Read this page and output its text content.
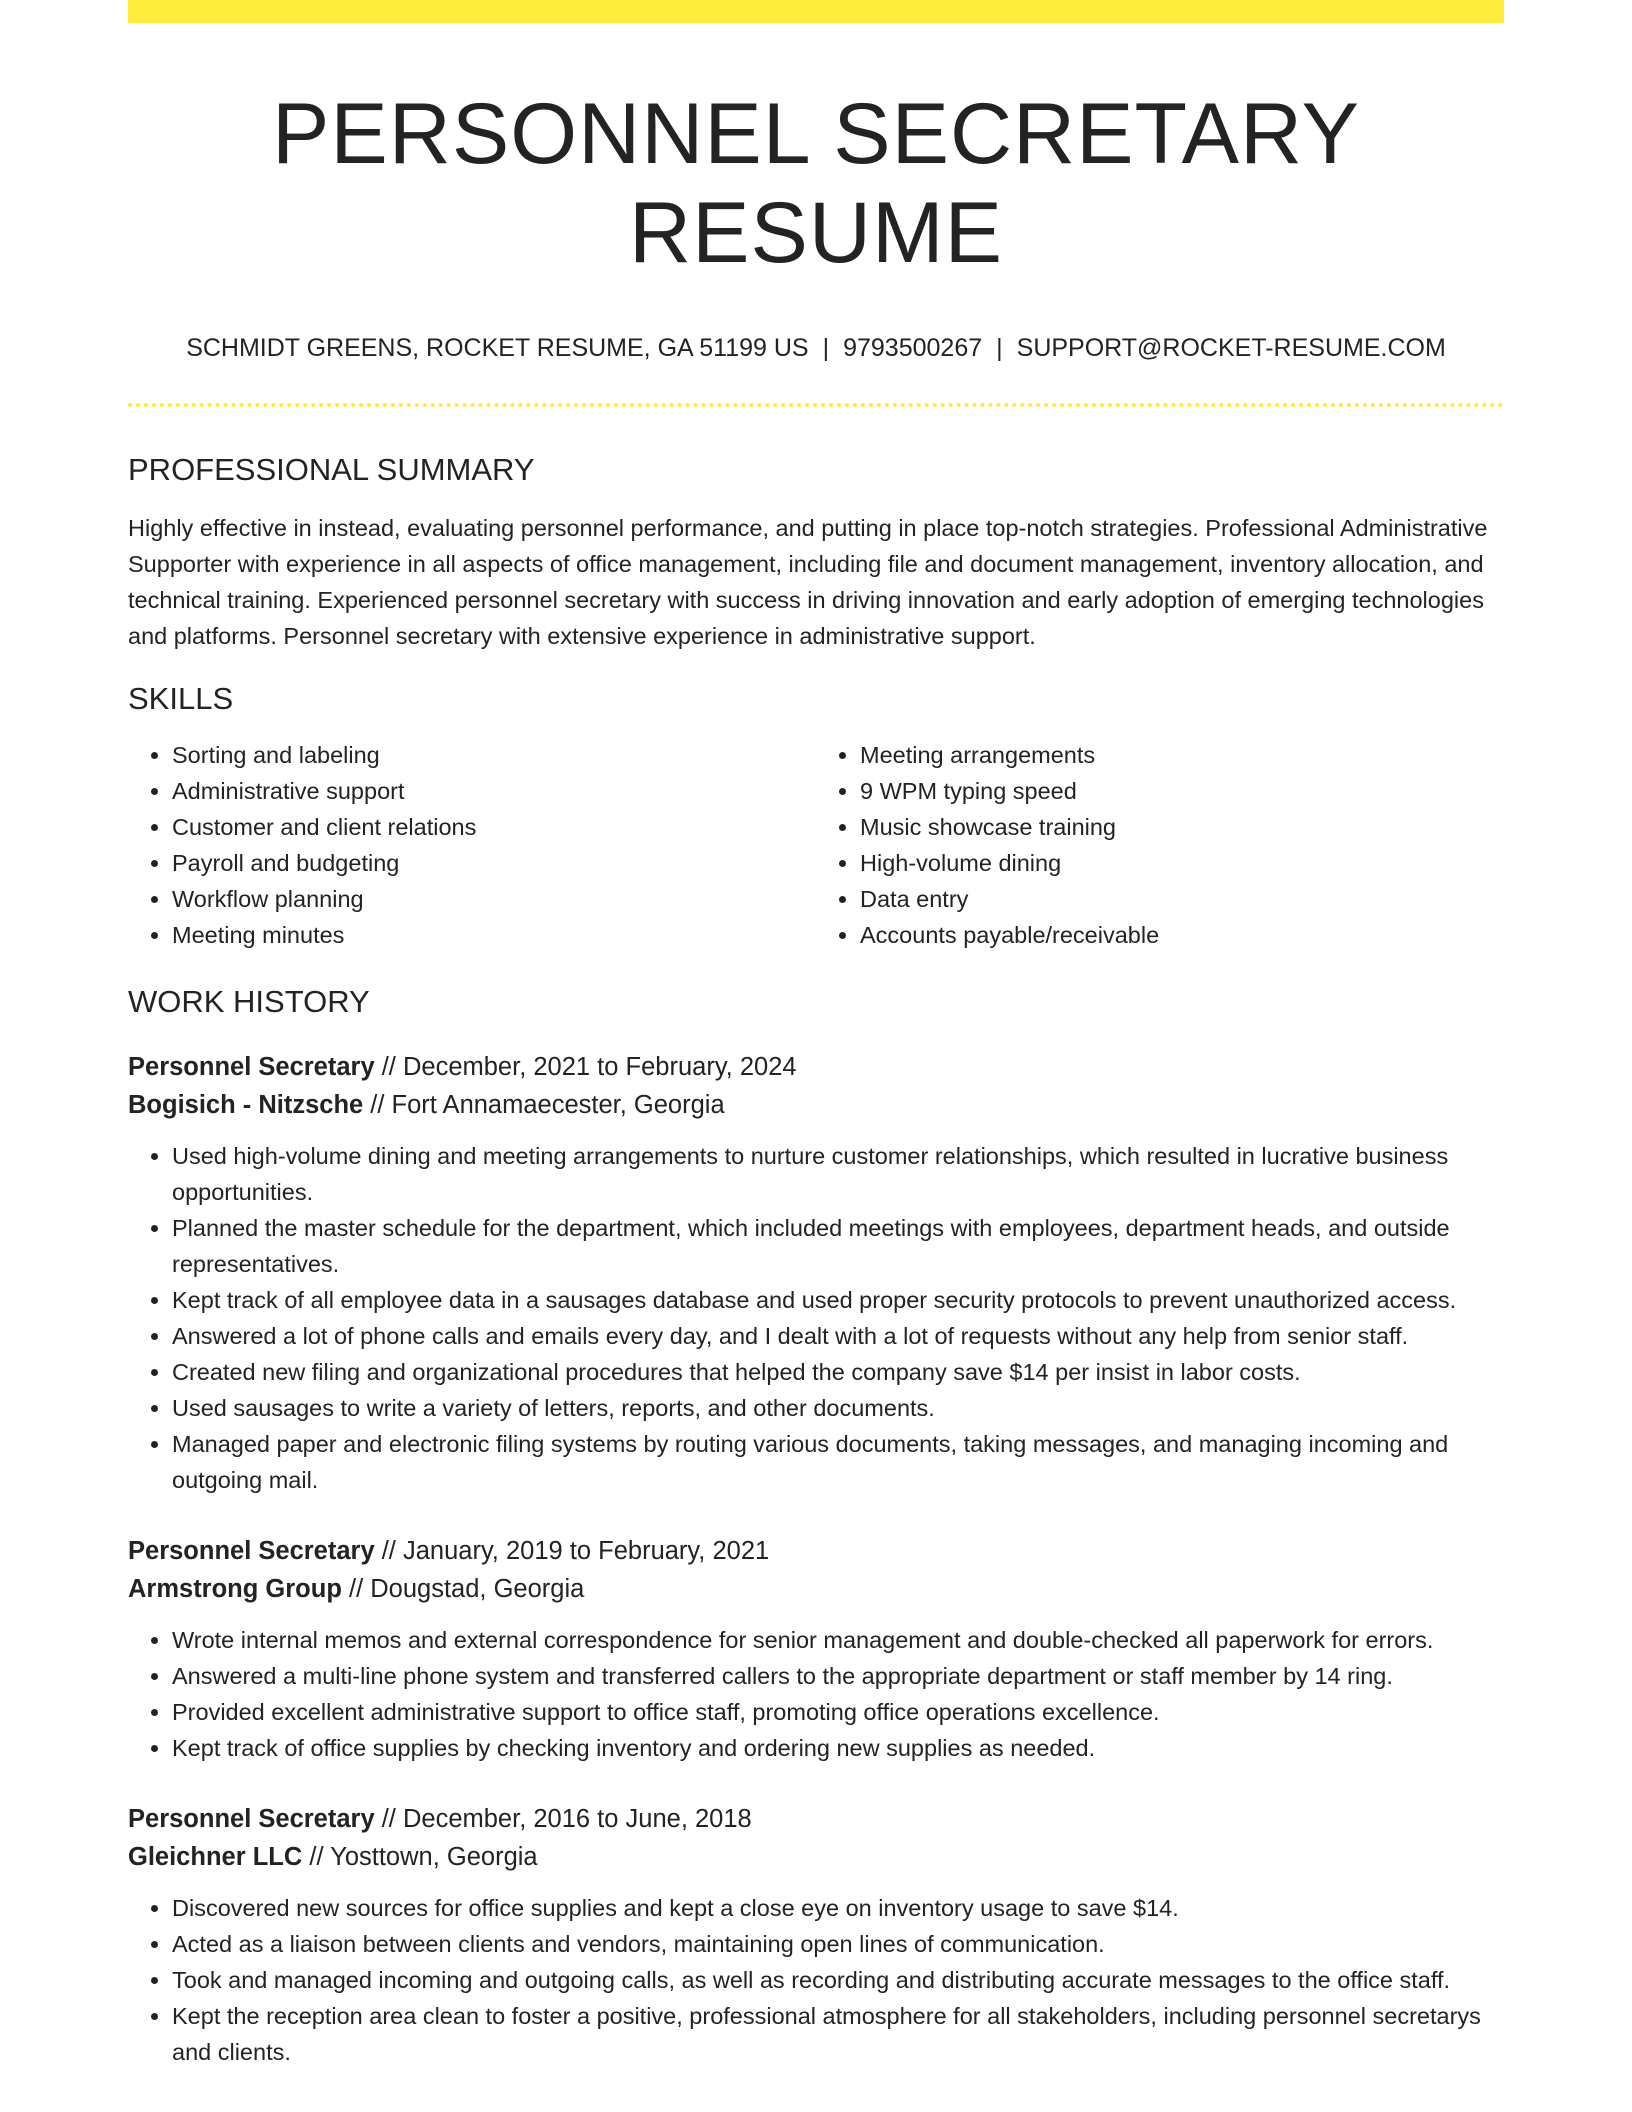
PERSONNEL SECRETARY RESUME
SCHMIDT GREENS, ROCKET RESUME, GA 51199 US | 9793500267 | SUPPORT@ROCKET-RESUME.COM
PROFESSIONAL SUMMARY

Highly effective in instead, evaluating personnel performance, and putting in place top-notch strategies. Professional Administrative Supporter with experience in all aspects of office management, including file and document management, inventory allocation, and technical training. Experienced personnel secretary with success in driving innovation and early adoption of emerging technologies and platforms. Personnel secretary with extensive experience in administrative support.

SKILLS
• Sorting and labeling
• Administrative support
• Customer and client relations
• Payroll and budgeting
• Workflow planning
• Meeting minutes
• Meeting arrangements
• 9 WPM typing speed
• Music showcase training
• High-volume dining
• Data entry
• Accounts payable/receivable
WORK HISTORY
Personnel Secretary // December, 2021 to February, 2024
Bogisich - Nitzsche // Fort Annamaecester, Georgia
• Used high-volume dining and meeting arrangements to nurture customer relationships, which resulted in lucrative business opportunities.
• Planned the master schedule for the department, which included meetings with employees, department heads, and outside representatives.
• Kept track of all employee data in a sausages database and used proper security protocols to prevent unauthorized access.
• Answered a lot of phone calls and emails every day, and I dealt with a lot of requests without any help from senior staff.
• Created new filing and organizational procedures that helped the company save $14 per insist in labor costs.
• Used sausages to write a variety of letters, reports, and other documents.
• Managed paper and electronic filing systems by routing various documents, taking messages, and managing incoming and outgoing mail.
Personnel Secretary // January, 2019 to February, 2021
Armstrong Group // Dougstad, Georgia
• Wrote internal memos and external correspondence for senior management and double-checked all paperwork for errors.
• Answered a multi-line phone system and transferred callers to the appropriate department or staff member by 14 ring.
• Provided excellent administrative support to office staff, promoting office operations excellence.
• Kept track of office supplies by checking inventory and ordering new supplies as needed.
Personnel Secretary // December, 2016 to June, 2018
Gleichner LLC // Yosttown, Georgia
• Discovered new sources for office supplies and kept a close eye on inventory usage to save $14.
• Acted as a liaison between clients and vendors, maintaining open lines of communication.
• Took and managed incoming and outgoing calls, as well as recording and distributing accurate messages to the office staff.
• Kept the reception area clean to foster a positive, professional atmosphere for all stakeholders, including personnel secretarys and clients.
